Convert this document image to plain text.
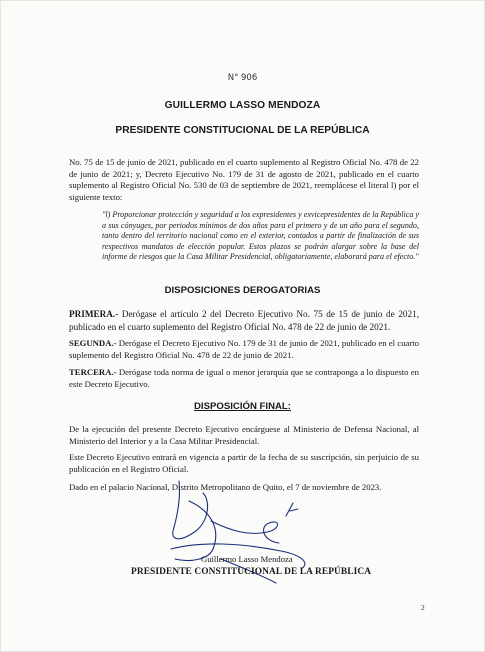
N° 906
GUILLERMO LASSO MENDOZA
PRESIDENTE CONSTITUCIONAL DE LA REPÚBLICA
No. 75 de 15 de junio de 2021, publicado en el cuarto suplemento al Registro Oficial No. 478 de 22 de junio de 2021; y, Decreto Ejecutivo No. 179 de 31 de agosto de 2021, publicado en el cuarto suplemento al Registro Oficial No. 530 de 03 de septiembre de 2021, reemplácese el literal l) por el siguiente texto:
"l) Proporcionar protección y seguridad a los expresidentes y exvicepresidentes de la República y a sus cónyuges, por periodos mínimos de dos años para el primero y de un año para el segundo, tanto dentro del territorio nacional como en el exterior, contados a partir de finalización de sus respectivos mandatos de elección popular. Estos plazos se podrán alargar sobre la base del informe de riesgos que la Casa Militar Presidencial, obligatoriamente, elaborará para el efecto."
DISPOSICIONES DEROGATORIAS
PRIMERA.- Derógase el artículo 2 del Decreto Ejecutivo No. 75 de 15 de junio de 2021, publicado en el cuarto suplemento del Registro Oficial No. 478 de 22 de junio de 2021.
SEGUNDA.- Derógase el Decreto Ejecutivo No. 179 de 31 de junio de 2021, publicado en el cuarto suplemento del Registro Oficial No. 478 de 22 de junio de 2021.
TERCERA.- Derógase toda norma de igual o menor jerarquía que se contraponga a lo dispuesto en este Decreto Ejecutivo.
DISPOSICIÓN FINAL:
De la ejecución del presente Decreto Ejecutivo encárguese al Ministerio de Defensa Nacional, al Ministerio del Interior y a la Casa Militar Presidencial.
Este Decreto Ejecutivo entrará en vigencia a partir de la fecha de su suscripción, sin perjuicio de su publicación en el Registro Oficial.
Dado en el palacio Nacional, Distrito Metropolitano de Quito, el 7 de noviembre de 2023.
Guillermo Lasso Mendoza
PRESIDENTE CONSTITUCIONAL DE LA REPÚBLICA
2
